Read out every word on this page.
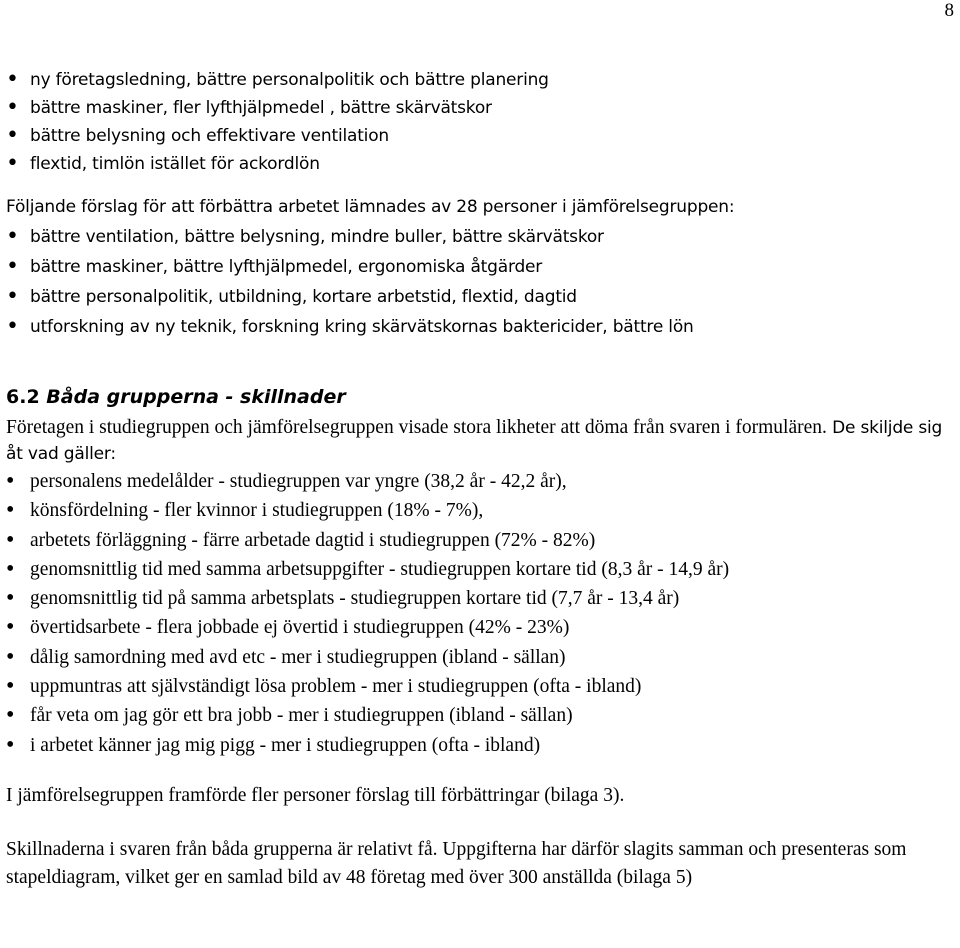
8
• ny företagsledning, bättre personalpolitik och bättre planering
• bättre maskiner, fler lyfthjälpmedel , bättre skärvätskor
• bättre belysning och effektivare ventilation
• flextid, timlön istället för ackordlön
Följande förslag för att förbättra arbetet lämnades av 28 personer i jämförelsegruppen:
• bättre ventilation, bättre belysning, mindre buller, bättre skärvätskor
• bättre maskiner, bättre lyfthjälpmedel, ergonomiska åtgärder
• bättre personalpolitik, utbildning, kortare arbetstid, flextid, dagtid
• utforskning av ny teknik, forskning kring skärvätskornas baktericider, bättre lön
6.2 Båda grupperna - skillnader
Företagen i studiegruppen och jämförelsegruppen visade stora likheter att döma från svaren i formulären. De skiljde sig åt vad gäller:
• personalens medelålder - studiegruppen var yngre (38,2 år - 42,2 år),
• könsfördelning - fler kvinnor i studiegruppen (18% - 7%),
• arbetets förläggning - färre arbetade dagtid i studiegruppen (72% - 82%)
• genomsnittlig tid med samma arbetsuppgifter - studiegruppen kortare tid (8,3 år - 14,9 år)
• genomsnittlig tid på samma arbetsplats - studiegruppen kortare tid (7,7 år - 13,4 år)
• övertidsarbete - flera jobbade ej övertid i studiegruppen (42% - 23%)
• dålig samordning med avd etc - mer i studiegruppen (ibland - sällan)
• uppmuntras att självständigt lösa problem - mer i studiegruppen (ofta - ibland)
• får veta om jag gör ett bra jobb - mer i studiegruppen (ibland - sällan)
• i arbetet känner jag mig pigg - mer i studiegruppen (ofta - ibland)

I jämförelsegruppen framförde fler personer förslag till förbättringar (bilaga 3).

Skillnaderna i svaren från båda grupperna är relativt få. Uppgifterna har därför slagits samman och presenteras som stapeldiagram, vilket ger en samlad bild av 48 företag med över 300 anställda (bilaga 5)
